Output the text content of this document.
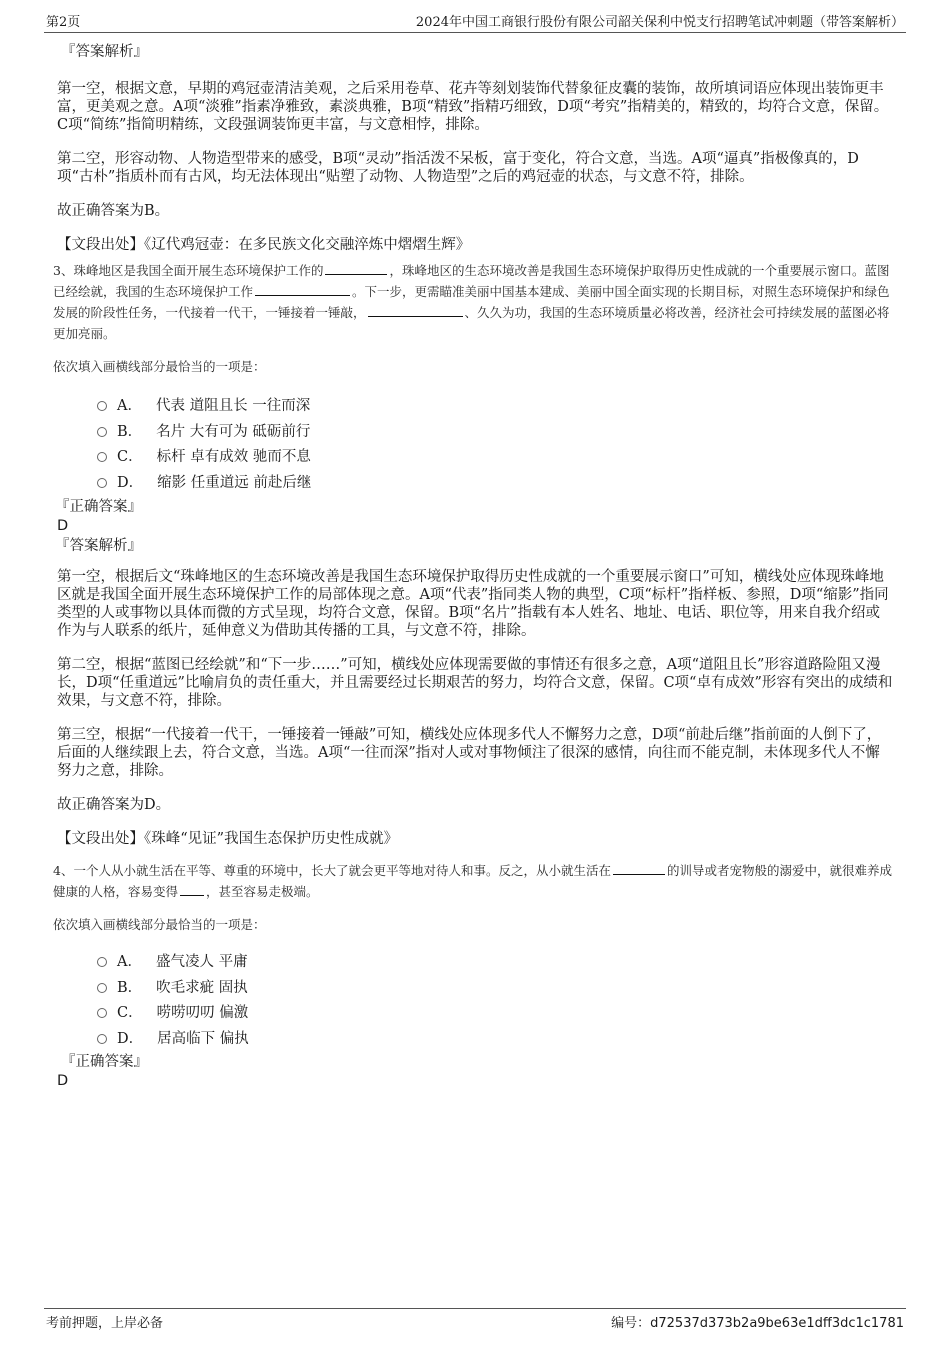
第2页	2024年中国工商银行股份有限公司韶关保利中悦支行招聘笔试冲刺题（带答案解析）

『答案解析』

第一空，根据文意，早期的鸡冠壶清洁美观，之后采用卷草、花卉等刻划装饰代替象征皮囊的装饰，故所填词语应体现出装饰更丰富，更美观之意。A项“淡雅”指素净雅致，素淡典雅，B项“精致”指精巧细致，D项“考究”指精美的，精致的，均符合文意，保留。C项“简练”指简明精练，文段强调装饰更丰富，与文意相悖，排除。

第二空，形容动物、人物造型带来的感受，B项“灵动”指活泼不呆板，富于变化，符合文意，当选。A项“逼真”指极像真的，D项“古朴”指质朴而有古风，均无法体现出“贴塑了动物、人物造型”之后的鸡冠壶的状态，与文意不符，排除。

故正确答案为B。

【文段出处】《辽代鸡冠壶：在多民族文化交融淬炼中熠熠生辉》

3、珠峰地区是我国全面开展生态环境保护工作的	，珠峰地区的生态环境改善是我国生态环境保护取得历史性成就的一个重要展示窗口。蓝图已经绘就，我国的生态环境保护工作	。下一步，更需瞄准美丽中国基本建成、美丽中国全面实现的长期目标，对照生态环境保护和绿色发展的阶段性任务，一代接着一代干，一锤接着一锤敲，	、久久为功，我国的生态环境质量必将改善，经济社会可持续发展的蓝图必将更加亮丽。

依次填入画横线部分最恰当的一项是：

A． 代表 道阻且长 一往而深
B． 名片 大有可为 砥砺前行
C． 标杆 卓有成效 驰而不息
D． 缩影 任重道远 前赴后继

『正确答案』

D

『答案解析』

第一空，根据后文“珠峰地区的生态环境改善是我国生态环境保护取得历史性成就的一个重要展示窗口”可知，横线处应体现珠峰地区就是我国全面开展生态环境保护工作的局部体现之意。A项“代表”指同类人物的典型，C项“标杆”指样板、参照，D项“缩影”指同类型的人或事物以具体而微的方式呈现，均符合文意，保留。B项“名片”指载有本人姓名、地址、电话、职位等，用来自我介绍或作为与人联系的纸片，延伸意义为借助其传播的工具，与文意不符，排除。

第二空，根据“蓝图已经绘就”和“下一步……”可知，横线处应体现需要做的事情还有很多之意，A项“道阻且长”形容道路险阻又漫长，D项“任重道远”比喻肩负的责任重大，并且需要经过长期艰苦的努力，均符合文意，保留。C项“卓有成效”形容有突出的成绩和效果，与文意不符，排除。

第三空，根据“一代接着一代干，一锤接着一锤敲”可知，横线处应体现多代人不懈努力之意，D项“前赴后继”指前面的人倒下了，后面的人继续跟上去，符合文意，当选。A项“一往而深”指对人或对事物倾注了很深的感情，向往而不能克制，未体现多代人不懈努力之意，排除。

故正确答案为D。

【文段出处】《珠峰“见证”我国生态保护历史性成就》

4、一个人从小就生活在平等、尊重的环境中，长大了就会更平等地对待人和事。反之，从小就生活在	的训导或者宠物般的溺爱中，就很难养成健康的人格，容易变得 ，甚至容易走极端。

依次填入画横线部分最恰当的一项是：

A． 盛气凌人 平庸
B． 吹毛求疵 固执
C． 唠唠叨叨 偏激
D． 居高临下 偏执

『正确答案』

D

考前押题，上岸必备	编号：d72537d373b2a9be63e1dff3dc1c1781
